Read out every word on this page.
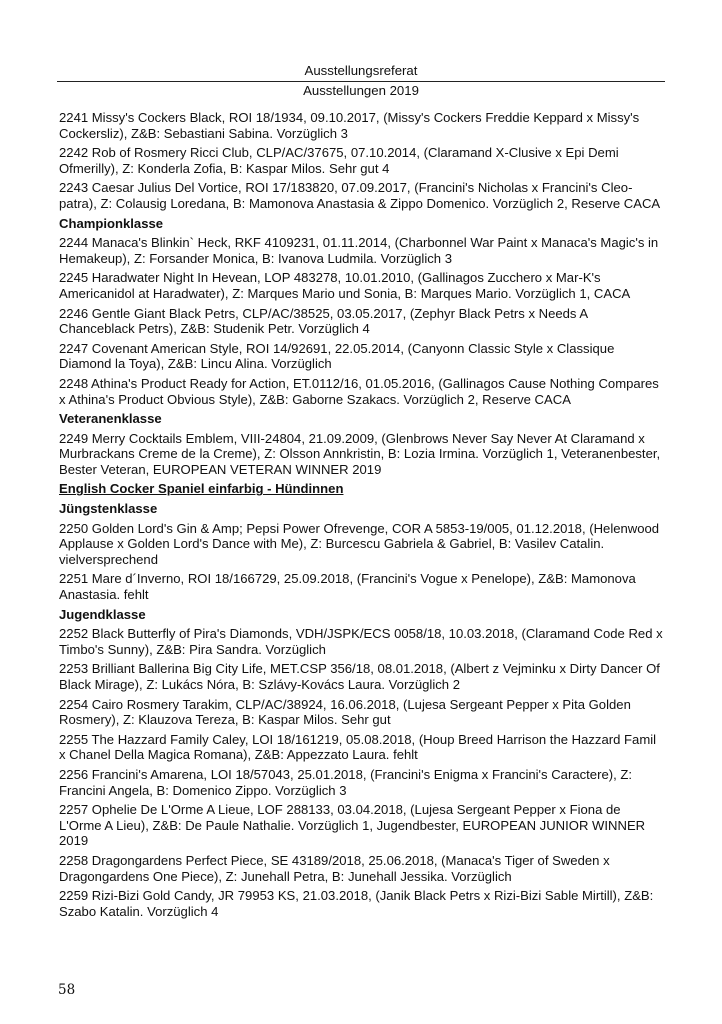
Ausstellungsreferat
Ausstellungen 2019
2241 Missy's Cockers Black, ROI 18/1934, 09.10.2017, (Missy's Cockers Freddie Keppard x Missy's Cockersliz), Z&B: Sebastiani Sabina. Vorzüglich 3
2242 Rob of Rosmery Ricci Club, CLP/AC/37675, 07.10.2014, (Claramand X-Clusive x Epi Demi Ofmerilly), Z: Konderla Zofia, B: Kaspar Milos. Sehr gut 4
2243 Caesar Julius Del Vortice, ROI 17/183820, 07.09.2017, (Francini's Nicholas x Francini's Cleopatra), Z: Colausig Loredana, B: Mamonova Anastasia & Zippo Domenico. Vorzüglich 2, Reserve CACA
Championklasse
2244 Manaca's Blinkin` Heck, RKF 4109231, 01.11.2014, (Charbonnel War Paint x Manaca's Magic's in Hemakeup), Z: Forsander Monica, B: Ivanova Ludmila. Vorzüglich 3
2245 Haradwater Night In Hevean, LOP 483278, 10.01.2010, (Gallinagos Zucchero x Mar-K's Americanidol at Haradwater), Z: Marques Mario und Sonia, B: Marques Mario. Vorzüglich 1, CACA
2246 Gentle Giant Black Petrs, CLP/AC/38525, 03.05.2017, (Zephyr Black Petrs x Needs A Chanceblack Petrs), Z&B: Studenik Petr. Vorzüglich 4
2247 Covenant American Style, ROI 14/92691, 22.05.2014, (Canyonn Classic Style x Classique Diamond la Toya), Z&B: Lincu Alina. Vorzüglich
2248 Athina's Product Ready for Action, ET.0112/16, 01.05.2016, (Gallinagos Cause Nothing Compares x Athina's Product Obvious Style), Z&B: Gaborne Szakacs. Vorzüglich 2, Reserve CACA
Veteranenklasse
2249 Merry Cocktails Emblem, VIII-24804, 21.09.2009, (Glenbrows Never Say Never At Claramand x Murbrackans Creme de la Creme), Z: Olsson Annkristin, B: Lozia Irmina. Vorzüglich 1, Veteranenbester, Bester Veteran, EUROPEAN VETERAN WINNER 2019
English Cocker Spaniel einfarbig - Hündinnen
Jüngstenklasse
2250 Golden Lord's Gin & Amp; Pepsi Power Ofrevenge, COR A 5853-19/005, 01.12.2018, (Helenwood Applause x Golden Lord's Dance with Me), Z: Burcescu Gabriela & Gabriel, B: Vasilev Catalin. vielversprechend
2251 Mare d´Inverno, ROI 18/166729, 25.09.2018, (Francini's Vogue x Penelope), Z&B: Mamonova Anastasia. fehlt
Jugendklasse
2252 Black Butterfly of Pira's Diamonds, VDH/JSPK/ECS 0058/18, 10.03.2018, (Claramand Code Red x Timbo's Sunny), Z&B: Pira Sandra. Vorzüglich
2253 Brilliant Ballerina Big City Life, MET.CSP 356/18, 08.01.2018, (Albert z Vejminku x Dirty Dancer Of Black Mirage), Z: Lukács Nóra, B: Szlávy-Kovács Laura. Vorzüglich 2
2254 Cairo Rosmery Tarakim, CLP/AC/38924, 16.06.2018, (Lujesa Sergeant Pepper x Pita Golden Rosmery), Z: Klauzova Tereza, B: Kaspar Milos. Sehr gut
2255 The Hazzard Family Caley, LOI 18/161219, 05.08.2018, (Houp Breed Harrison the Hazzard Famil x Chanel Della Magica Romana), Z&B: Appezzato Laura. fehlt
2256 Francini's Amarena, LOI 18/57043, 25.01.2018, (Francini's Enigma x Francini's Caractere), Z: Francini Angela, B: Domenico Zippo. Vorzüglich 3
2257 Ophelie De L'Orme A Lieue, LOF 288133, 03.04.2018, (Lujesa Sergeant Pepper x Fiona de L'Orme A Lieu), Z&B: De Paule Nathalie. Vorzüglich 1, Jugendbester, EUROPEAN JUNIOR WINNER 2019
2258 Dragongardens Perfect Piece, SE 43189/2018, 25.06.2018, (Manaca's Tiger of Sweden x Dragongardens One Piece), Z: Junehall Petra, B: Junehall Jessika. Vorzüglich
2259 Rizi-Bizi Gold Candy, JR 79953 KS, 21.03.2018, (Janik Black Petrs x Rizi-Bizi Sable Mirtill), Z&B: Szabo Katalin. Vorzüglich 4
58
